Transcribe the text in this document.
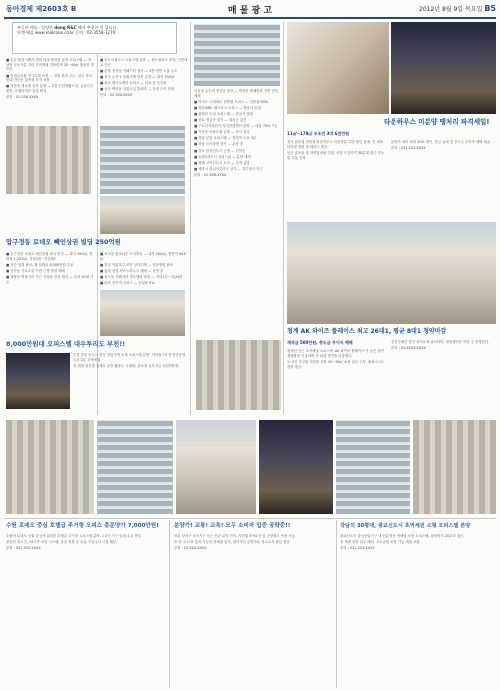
동아경제 제2603호 B	매 물 광 고	2012년 8월 9일 목요일 B5
부동산 매물 · 분양은 dong R&C 에서 추천한 것 입니다.
마켓·매물 www.realcoux.co.kr 문의 : 02-3558-1270

■ 공급자/실거래가 대비 대폭 할인된 분양 오피스텔 — 강남역 도보 5분 거리 초역세권 전용면적 20~40㎡ 풀옵션 빌트인

■ 임대수익률 연 7%대 보장 ... 현장 관리 우수, 입주 즉시 임대 가능한 실속형 투자 상품

■ 역삼동 대로변 상가 분양 — 1층 근린생활시설, 유동인구 풍부, 프랜차이즈 입점 확정

문의 : 02-556-XXXX

압구정동 로데오 빼인상권 빌딩 250억원

■ 압구정동 로데오 메인상권 코너 빌딩 — 대지 3XX㎡, 연면적 1,2XX㎡, 지하2층~지상5층

■ 전층 임대 완료, 월 임대료 8,500만원 수준

■ 신사동 가로수길 이면 근생 빌딩 매매

■ 청담동 명품거리 인근 사옥용 건물 매각 — 주차 20대 가능

■ 서초동 법조타운 꼬마빌딩 — 대지 2XX㎡, 연면적 6XX㎡

■ 잠실 석촌호수 조망 상가주택 — 리모델링 완료

■ 홍대 상권 게스트하우스 매매 — 운영 중

■ 성수동 카페거리 리모델링 빌딩 — 지하1층~지상4층

■ 마포 공덕역 오피스 — 공실률 0%

8,000만원대 오피스텔 대우투리도 부천!!

부천 중동 신도시 중심 상업지역 소재 오피스텔 분양. 지하철 7호선 신중동역 도보 2분 초역세권.

전 세대 복층형 설계로 공간 활용도 극대화, 중소형 실투자금 3천만원대.

■ 송도국제도시 오피스텔 분양 — 센트럴파크 조망, 인천대교 인근

■ 분당 정자동 카페거리 상가 — 1층 전면 노출 우수

■ 용인 수지구 전원주택 단지 분양 — 대지 330㎡

■ 판교 테크노밸리 오피스 — 사옥 및 투자용

■ 일산 백석동 상업시설 통매각 — 임대 수익 안정

문의 : 02-3XX-XXXX

서울권 유수의 정상급 빌딩 — 역삼동 테헤란로 전면 빌딩 매매

■ 여의도 국회대로 신축형 오피스 — 전용률 65%

■ 상암DMC 랜드마크 오피스 — 방송사 인접

■ 광화문 도심 오피스텔 — 관공서 밀집

■ 종로 귀금속 상가 — 권리금 없음

■ 구로디지털단지 지식산업센터 분양 — 대출 70% 가능

■ 가산동 아파트형 공장 — 즉시 입주

■ 성남 분당 오피스텔 — 정자역 도보 3분

■ 하남 미사강변 상가 — 분양 중

■ 김포 한강신도시 근생 — 선착순

■ 동탄2신도시 상업시설 — 분양 예정

■ 평택 고덕신도시 토지 — 투자 유망

■ 세종시 중심상업지구 상가 — 정부청사 인근

문의 : 02-588-XXXX

타운하우스 미분양 땡처리 파격세일!
11㎡~178㎡ 우조건 3억 6천만원

경기 남부권 전원형 타운하우스 미분양분 특별 할인 판매. 전 세대 단독형 정원 및 테라스 제공.

인근 골프장 및 자연휴양림 인접, 서울 도심까지 30분대 접근 가능한 교통 입지.

분양가 대비 최대 30% 할인, 잔금 유예 및 중도금 무이자 혜택 제공.

문의 : 031-XXX-XXXX

청계 AK 와이즈 플레이스 최고 26대1, 평균 8대1 청약마감
계약금 500만원, 중도금 무이자 혜택

청계천 인근 초역세권 오피스텔 'AK 와이즈 플레이스'가 높은 청약 경쟁률을 기록하며 전 타입 청약을 마감했다.

1~2인 가구를 겨냥한 전용 20~30㎡ 소형 위주 구성, 풀퍼니시드 옵션 제공.

견본주택은 중구 을지로에 위치하며, 정당계약은 이번 주 진행된다.

문의 : 02-XXXX-XXXX

수원 로데오 중심 호텔급 주거형 오피스 총분양가 7,000만원!

수원역 로데오 상권 중심에 위치한 호텔급 주거형 오피스텔 분양. 1·2인 가구 임대 수요 풍부.

풀옵션 빌트인, 24시간 보안 시스템, 옥상 정원 등 특급 커뮤니티 시설 제공.

문의 : 031-XXX-XXXX

분양가! 교통! 교육! 모두 소비자 입증 공략중!!

서울 강서구 마곡지구 인근 신규 분양 단지. 지하철 5·9호선 및 공항철도 이용 가능.

초·중·고 도보 통학 가능한 학세권 입지, 합리적인 분양가로 실수요자 관심 집중.

문의 : 02-XXX-XXXX

강남의 30평대, 광교신도시 초역세권 소형 오피스텔 분양

광교신도시 중심상업지구 내 신분당선 역세권 소형 오피스텔. 강남까지 20분대 접근.

전 세대 남향 위주 배치, 호수공원 조망 가능 세대 포함.

문의 : 031-XXX-XXXX
